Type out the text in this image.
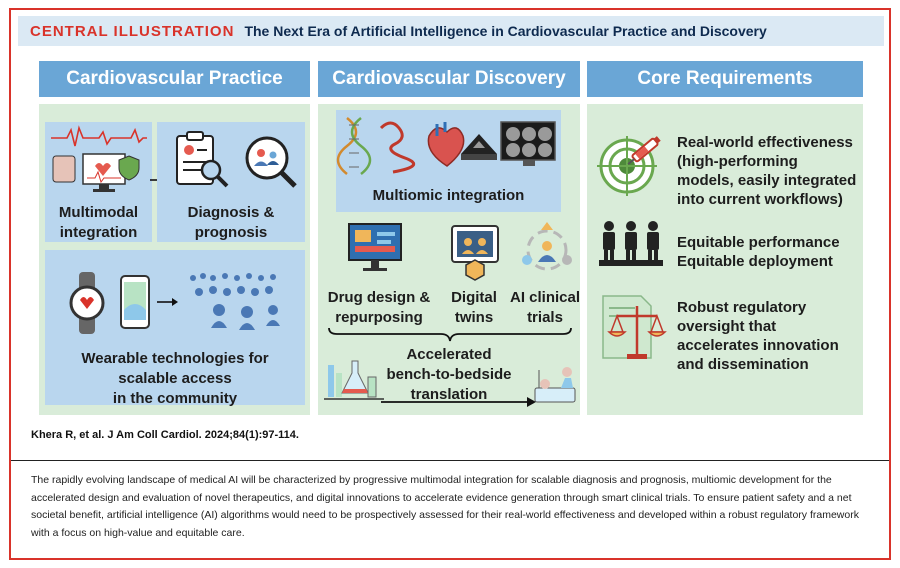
CENTRAL ILLUSTRATION The Next Era of Artificial Intelligence in Cardiovascular Practice and Discovery
Cardiovascular Practice
Multimodal
integration
Diagnosis &
prognosis
Wearable technologies for
scalable access
in the community
Cardiovascular Discovery
Multiomic integration
Drug design &
repurposing
Digital
twins
AI clinical
trials
Accelerated
bench-to-bedside
translation
Core Requirements
Real-world effectiveness
(high-performing
models, easily integrated
into current workflows)
Equitable performance
Equitable deployment
Robust regulatory
oversight that
accelerates innovation
and dissemination
Khera R, et al. J Am Coll Cardiol. 2024;84(1):97-114.
The rapidly evolving landscape of medical AI will be characterized by progressive multimodal integration for scalable diagnosis and prognosis, multiomic development for the accelerated design and evaluation of novel therapeutics, and digital innovations to accelerate evidence generation through smart clinical trials. To ensure patient safety and a net societal benefit, artificial intelligence (AI) algorithms would need to be prospectively assessed for their real-world effectiveness and developed within a robust regulatory framework with a focus on high-value and equitable care.
